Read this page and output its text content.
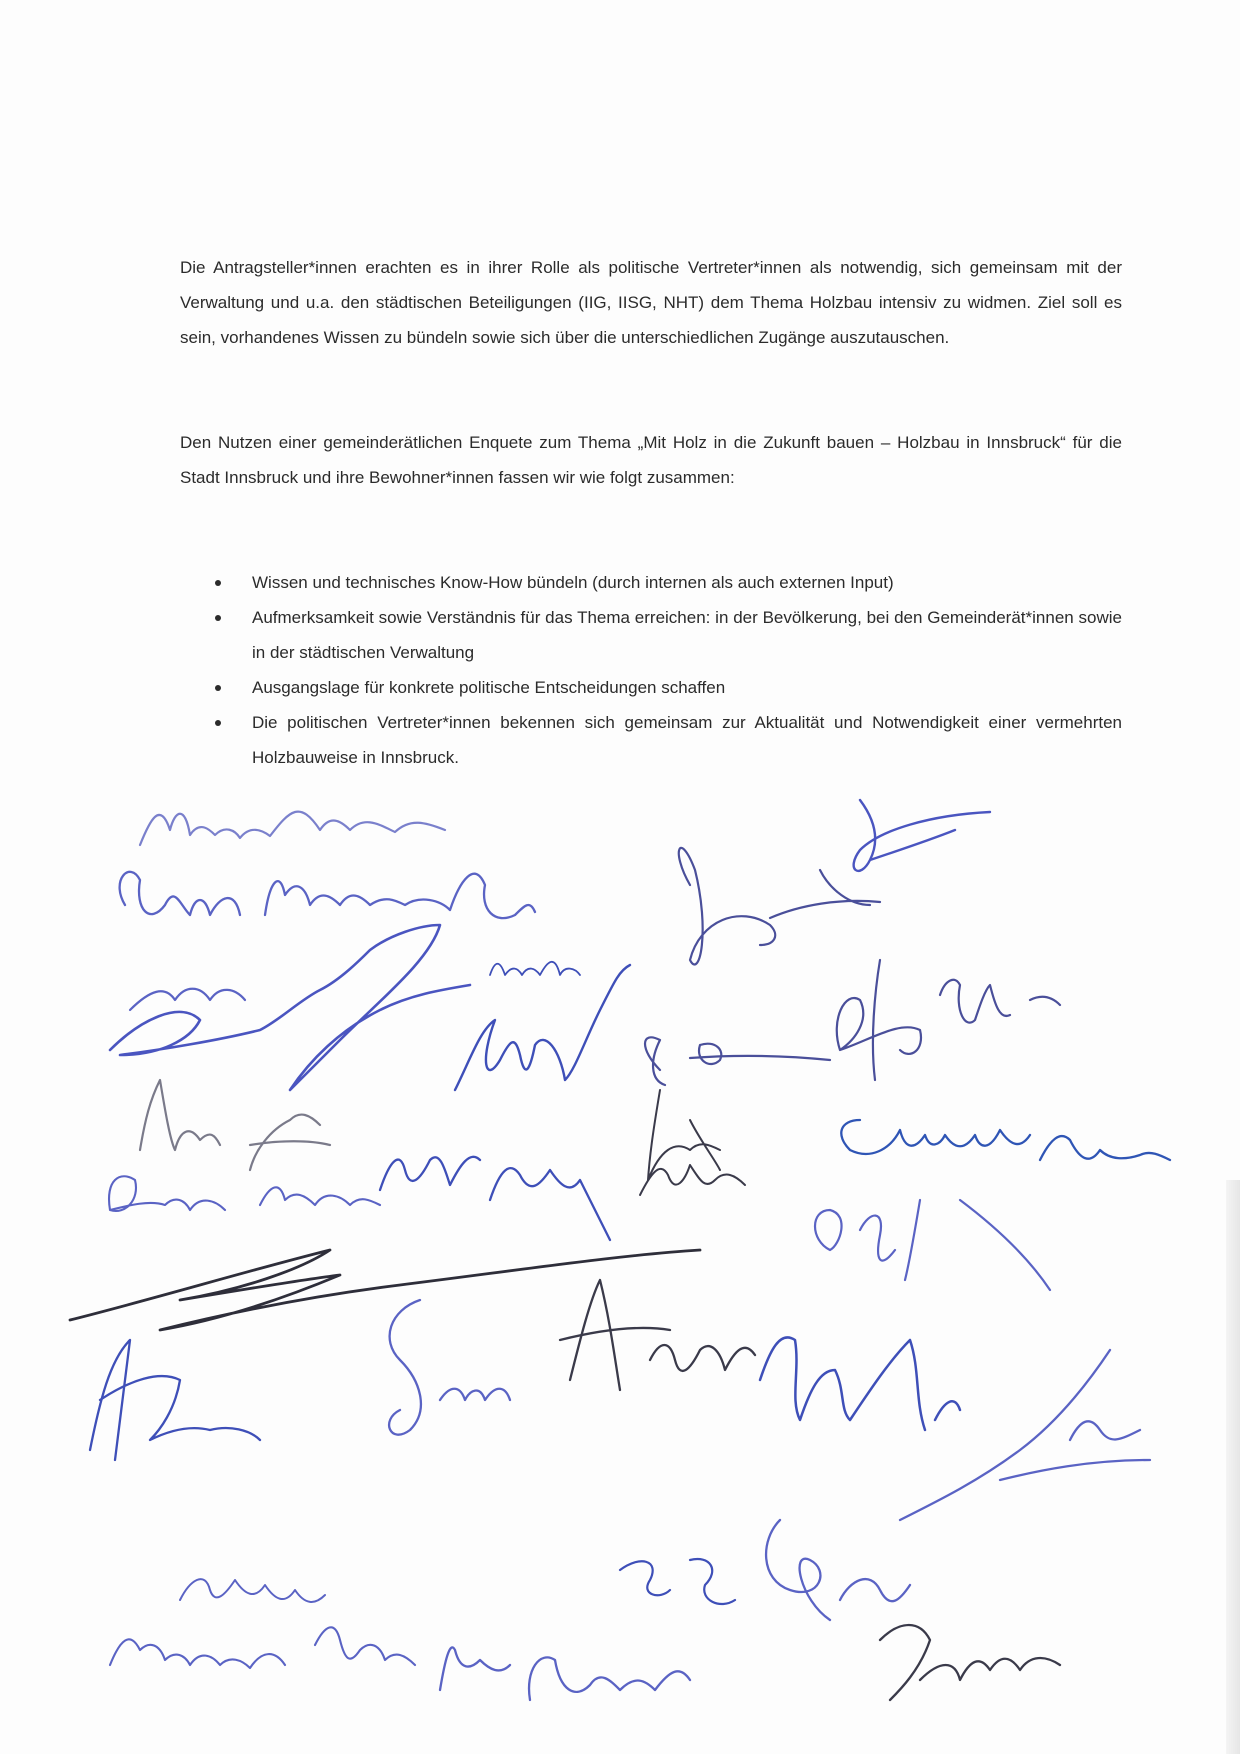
Die Antragsteller*innen erachten es in ihrer Rolle als politische Vertreter*innen als notwendig, sich gemeinsam mit der Verwaltung und u.a. den städtischen Beteiligungen (IIG, IISG, NHT) dem Thema Holzbau intensiv zu widmen. Ziel soll es sein, vorhandenes Wissen zu bündeln sowie sich über die unterschiedlichen Zugänge auszutauschen.

Den Nutzen einer gemeinderätlichen Enquete zum Thema „Mit Holz in die Zukunft bauen – Holzbau in Innsbruck“ für die Stadt Innsbruck und ihre Bewohner*innen fassen wir wie folgt zusammen:

Wissen und technisches Know-How bündeln (durch internen als auch externen Input)
Aufmerksamkeit sowie Verständnis für das Thema erreichen: in der Bevölkerung, bei den Gemeinderät*innen sowie in der städtischen Verwaltung
Ausgangslage für konkrete politische Entscheidungen schaffen
Die politischen Vertreter*innen bekennen sich gemeinsam zur Aktualität und Notwendigkeit einer vermehrten Holzbauweise in Innsbruck.
